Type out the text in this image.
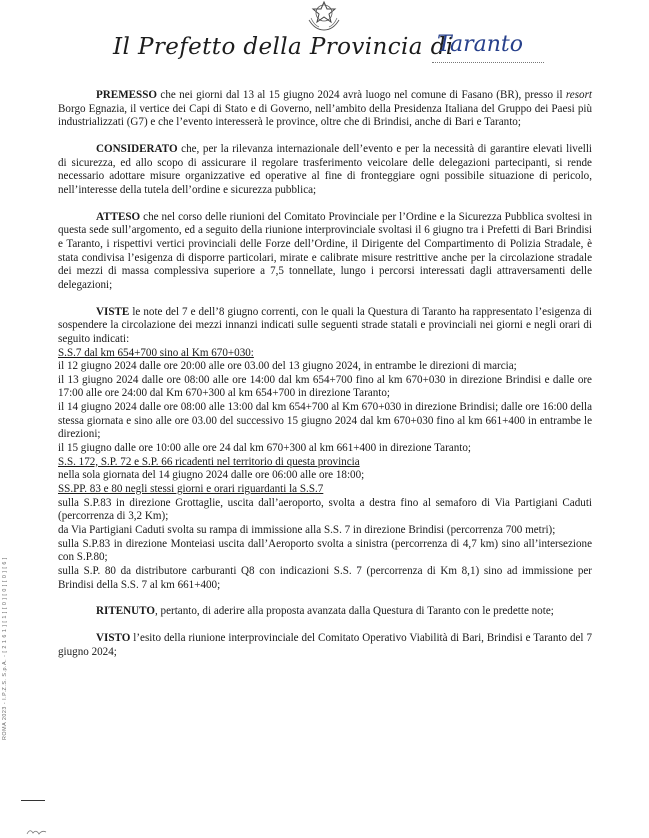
Il Prefetto della Provincia di
Taranto

PREMESSO che nei giorni dal 13 al 15 giugno 2024 avrà luogo nel comune di Fasano (BR), presso il resort Borgo Egnazia, il vertice dei Capi di Stato e di Governo, nell’ambito della Presidenza Italiana del Gruppo dei Paesi più industrializzati (G7) e che l’evento interesserà le province, oltre che di Brindisi, anche di Bari e Taranto;

CONSIDERATO che, per la rilevanza internazionale dell’evento e per la necessità di garantire elevati livelli di sicurezza, ed allo scopo di assicurare il regolare trasferimento veicolare delle delegazioni partecipanti, si rende necessario adottare misure organizzative ed operative al fine di fronteggiare ogni possibile situazione di pericolo, nell’interesse della tutela dell’ordine e sicurezza pubblica;

ATTESO che nel corso delle riunioni del Comitato Provinciale per l’Ordine e la Sicurezza Pubblica svoltesi in questa sede sull’argomento, ed a seguito della riunione interprovinciale svoltasi il 6 giugno tra i Prefetti di Bari Brindisi e Taranto, i rispettivi vertici provinciali delle Forze dell’Ordine, il Dirigente del Compartimento di Polizia Stradale, è stata condivisa l’esigenza di disporre particolari, mirate e calibrate misure restrittive anche per la circolazione stradale dei mezzi di massa complessiva superiore a 7,5 tonnellate, lungo i percorsi interessati dagli attraversamenti delle delegazioni;

VISTE le note del 7 e dell’8 giugno correnti, con le quali la Questura di Taranto ha rappresentato l’esigenza di sospendere la circolazione dei mezzi innanzi indicati sulle seguenti strade statali e provinciali nei giorni e negli orari di seguito indicati:

S.S.7 dal km 654+700 sino al Km 670+030:

il 12 giugno 2024 dalle ore 20:00 alle ore 03.00 del 13 giugno 2024, in entrambe le direzioni di marcia;

il 13 giugno 2024 dalle ore 08:00 alle ore 14:00 dal km 654+700 fino al km 670+030 in direzione Brindisi e dalle ore 17:00 alle ore 24:00 dal Km 670+300 al km 654+700 in direzione Taranto;

il 14 giugno 2024 dalle ore 08:00 alle 13:00 dal km 654+700 al Km 670+030 in direzione Brindisi; dalle ore 16:00 della stessa giornata e sino alle ore 03.00 del successivo 15 giugno 2024 dal km 670+030 fino al km 661+400 in entrambe le direzioni;

il 15 giugno dalle ore 10:00 alle ore 24 dal km 670+300 al km 661+400 in direzione Taranto;

S.S. 172, S.P. 72 e S.P. 66 ricadenti nel territorio di questa provincia

nella sola giornata del 14 giugno 2024 dalle ore 06:00 alle ore 18:00;

SS.PP. 83 e 80 negli stessi giorni e orari riguardanti la S.S.7

sulla S.P.83 in direzione Grottaglie, uscita dall’aeroporto, svolta a destra fino al semaforo di Via Partigiani Caduti (percorrenza di 3,2 Km);

da Via Partigiani Caduti svolta su rampa di immissione alla S.S. 7 in direzione Brindisi (percorrenza 700 metri);

sulla S.P.83 in direzione Monteiasi uscita dall’Aeroporto svolta a sinistra (percorrenza di 4,7 km) sino all’intersezione con S.P.80;

sulla S.P. 80 da distributore carburanti Q8 con indicazioni S.S. 7 (percorrenza di Km 8,1) sino ad immissione per Brindisi della S.S. 7 al km 661+400;

RITENUTO, pertanto, di aderire alla proposta avanzata dalla Questura di Taranto con le predette note;

VISTO l’esito della riunione interprovinciale del Comitato Operativo Viabilità di Bari, Brindisi e Taranto del 7 giugno 2024;

ROMA 2023 - I.P.Z.S. S.p.A. - [ 2 1 6 1 ] [ 1 ] [ 0 ] [ 0 ] [ 0 ] [ 6 ]
